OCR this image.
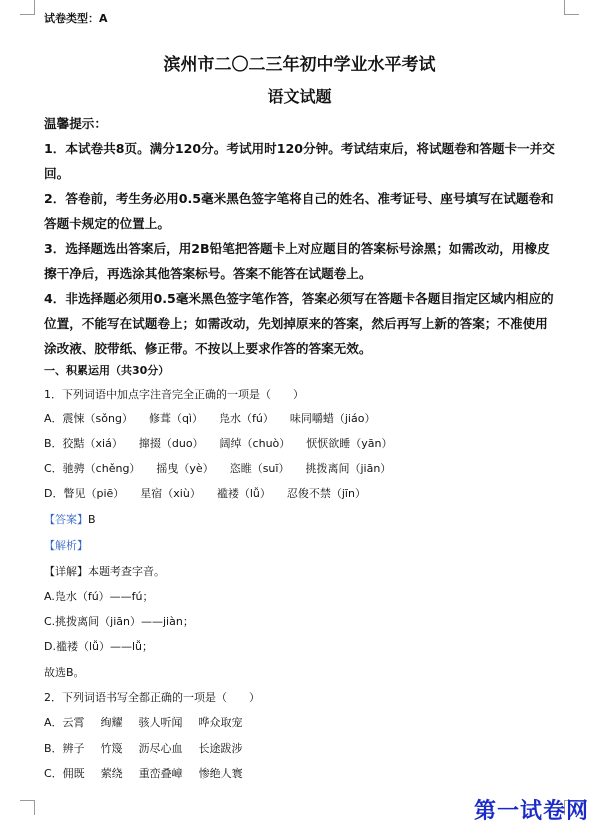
试卷类型：A
滨州市二〇二三年初中学业水平考试
语文试题
温馨提示：
1．本试卷共8页。满分120分。考试用时120分钟。考试结束后，将试题卷和答题卡一并交
回。
2．答卷前，考生务必用0.5毫米黑色签字笔将自己的姓名、准考证号、座号填写在试题卷和
答题卡规定的位置上。
3．选择题选出答案后，用2B铅笔把答题卡上对应题目的答案标号涂黑；如需改动，用橡皮
擦干净后，再选涂其他答案标号。答案不能答在试题卷上。
4．非选择题必须用0.5毫米黑色签字笔作答，答案必须写在答题卡各题目指定区域内相应的
位置，不能写在试题卷上；如需改动，先划掉原来的答案，然后再写上新的答案；不准使用
涂改液、胶带纸、修正带。不按以上要求作答的答案无效。
一、积累运用（共30分）
1．下列词语中加点字注音完全正确的一项是（　　）
A．震悚（sǒng） 修葺（qì） 凫水（fú） 味同嚼蜡（jiáo）
B．狡黠（xiá） 撺掇（duo） 阔绰（chuò） 恹恹欲睡（yān）
C．驰骋（chěng） 摇曳（yè） 恣睢（suī） 挑拨离间（jiān）
D．瞥见（piē） 星宿（xiù） 褴褛（lǚ） 忍俊不禁（jīn）
【答案】B
【解析】
【详解】本题考查字音。
A.凫水（fú）——fú；
C.挑拨离间（jiān）——jiàn；
D.褴褛（lǚ）——lǚ；
故选B。
2．下列词语书写全都正确的一项是（　　）
A．云霄 绚耀 骇人听闻 哗众取宠
B．辨子 竹篾 沥尽心血 长途跋涉
C．佣既 萦绕 重峦叠嶂 惨绝人寰
第一试卷网
